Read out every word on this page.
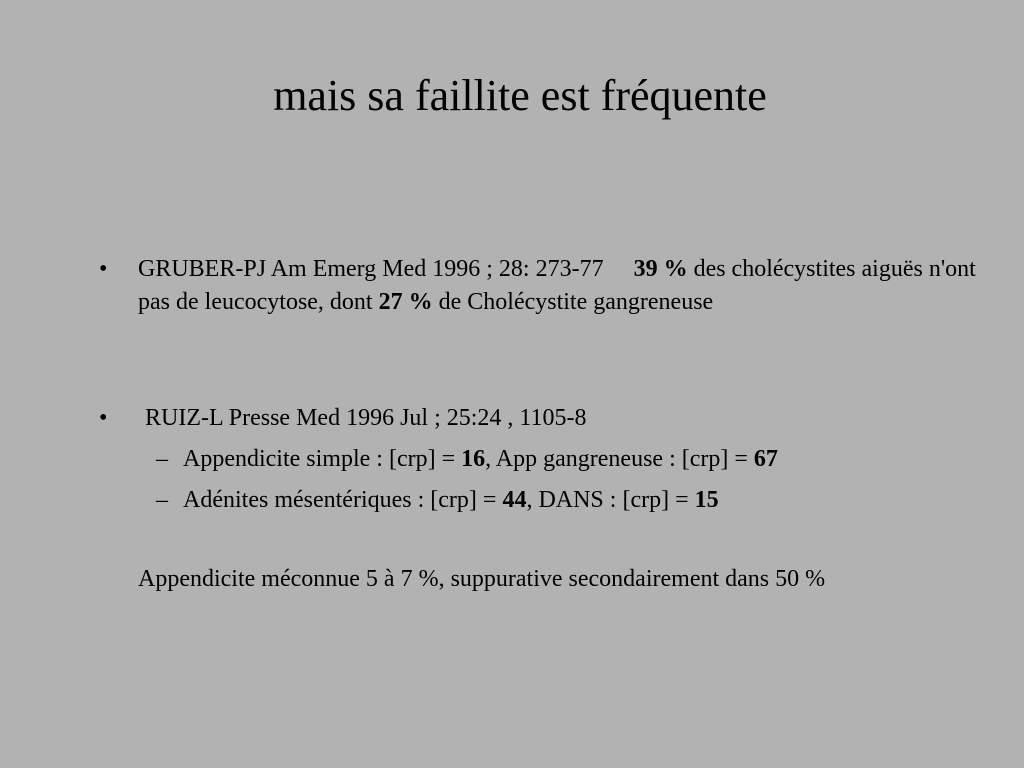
mais sa faillite est fréquente
• GRUBER-PJ Am Emerg Med 1996 ; 28: 273-77 39 % des cholécystites aiguës n'ont pas de leucocytose, dont 27 % de Cholécystite gangreneuse
• RUIZ-L Presse Med 1996 Jul ; 25:24 , 1105-8
– Appendicite simple : [crp] = 16, App gangreneuse : [crp] = 67
– Adénites mésentériques : [crp] = 44, DANS : [crp] = 15
Appendicite méconnue 5 à 7 %, suppurative secondairement dans 50 %
